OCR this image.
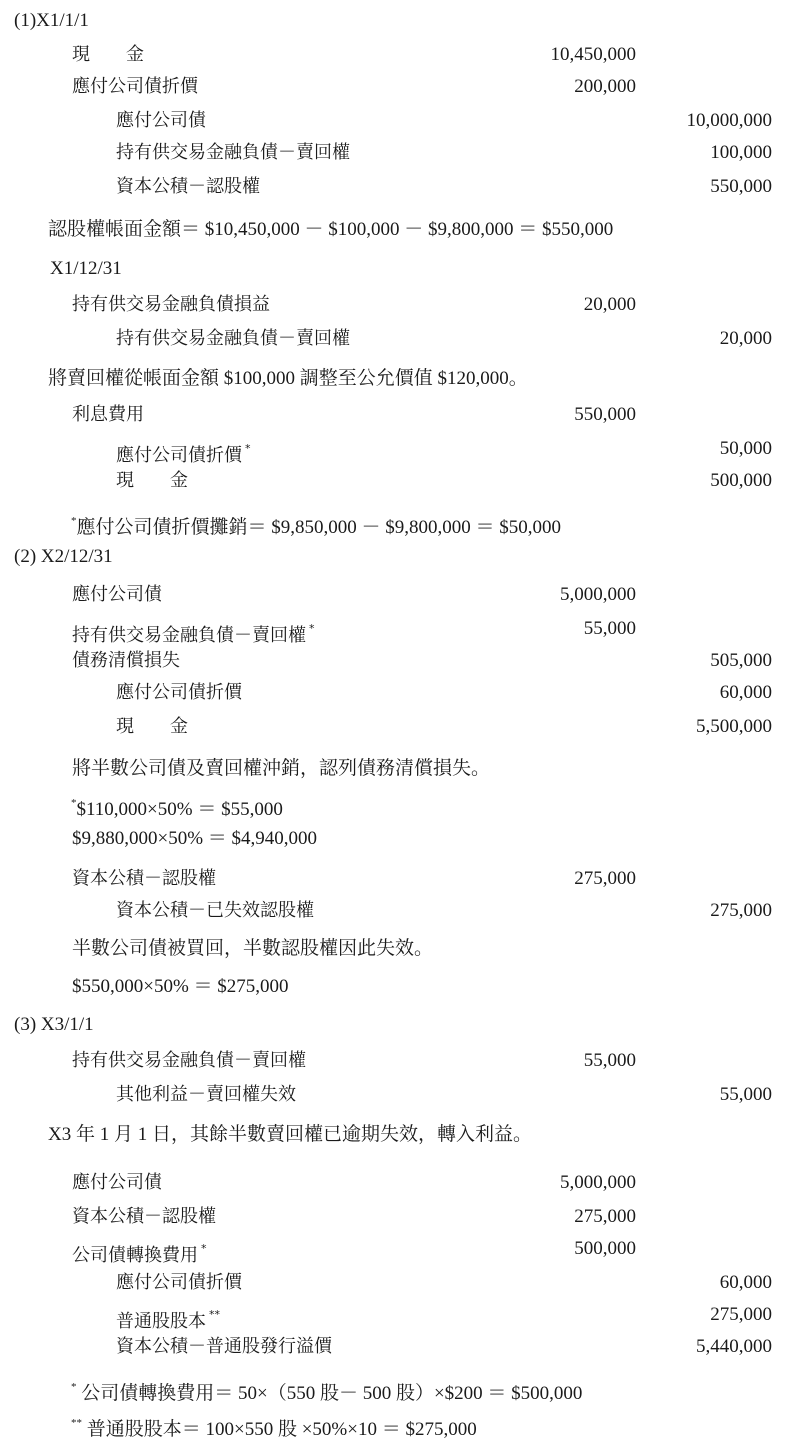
(1)X1/1/1
現　　金	10,450,000
應付公司債折價	200,000
應付公司債	10,000,000
持有供交易金融負債－賣回權	100,000
資本公積－認股權	550,000
認股權帳面金額＝ $10,450,000 － $100,000 － $9,800,000 ＝ $550,000
X1/12/31
持有供交易金融負債損益	20,000
持有供交易金融負債－賣回權	20,000
將賣回權從帳面金額 $100,000 調整至公允價值 $120,000。
利息費用	550,000
應付公司債折價 *	50,000
現　　金	500,000
*應付公司債折價攤銷＝ $9,850,000 － $9,800,000 ＝ $50,000
(2) X2/12/31
應付公司債	5,000,000
持有供交易金融負債－賣回權 *	55,000
債務清償損失	505,000
應付公司債折價	60,000
現　　金	5,500,000
將半數公司債及賣回權沖銷，認列債務清償損失。
*$110,000×50% ＝ $55,000
$9,880,000×50% ＝ $4,940,000
資本公積－認股權	275,000
資本公積－已失效認股權	275,000
半數公司債被買回，半數認股權因此失效。
$550,000×50% ＝ $275,000
(3) X3/1/1
持有供交易金融負債－賣回權	55,000
其他利益－賣回權失效	55,000
X3 年 1 月 1 日，其餘半數賣回權已逾期失效，轉入利益。
應付公司債	5,000,000
資本公積－認股權	275,000
公司債轉換費用 *	500,000
應付公司債折價	60,000
普通股股本 **	275,000
資本公積－普通股發行溢價	5,440,000
* 公司債轉換費用＝ 50×（550 股－ 500 股）×$200 ＝ $500,000
** 普通股股本＝ 100×550 股 ×50%×10 ＝ $275,000
